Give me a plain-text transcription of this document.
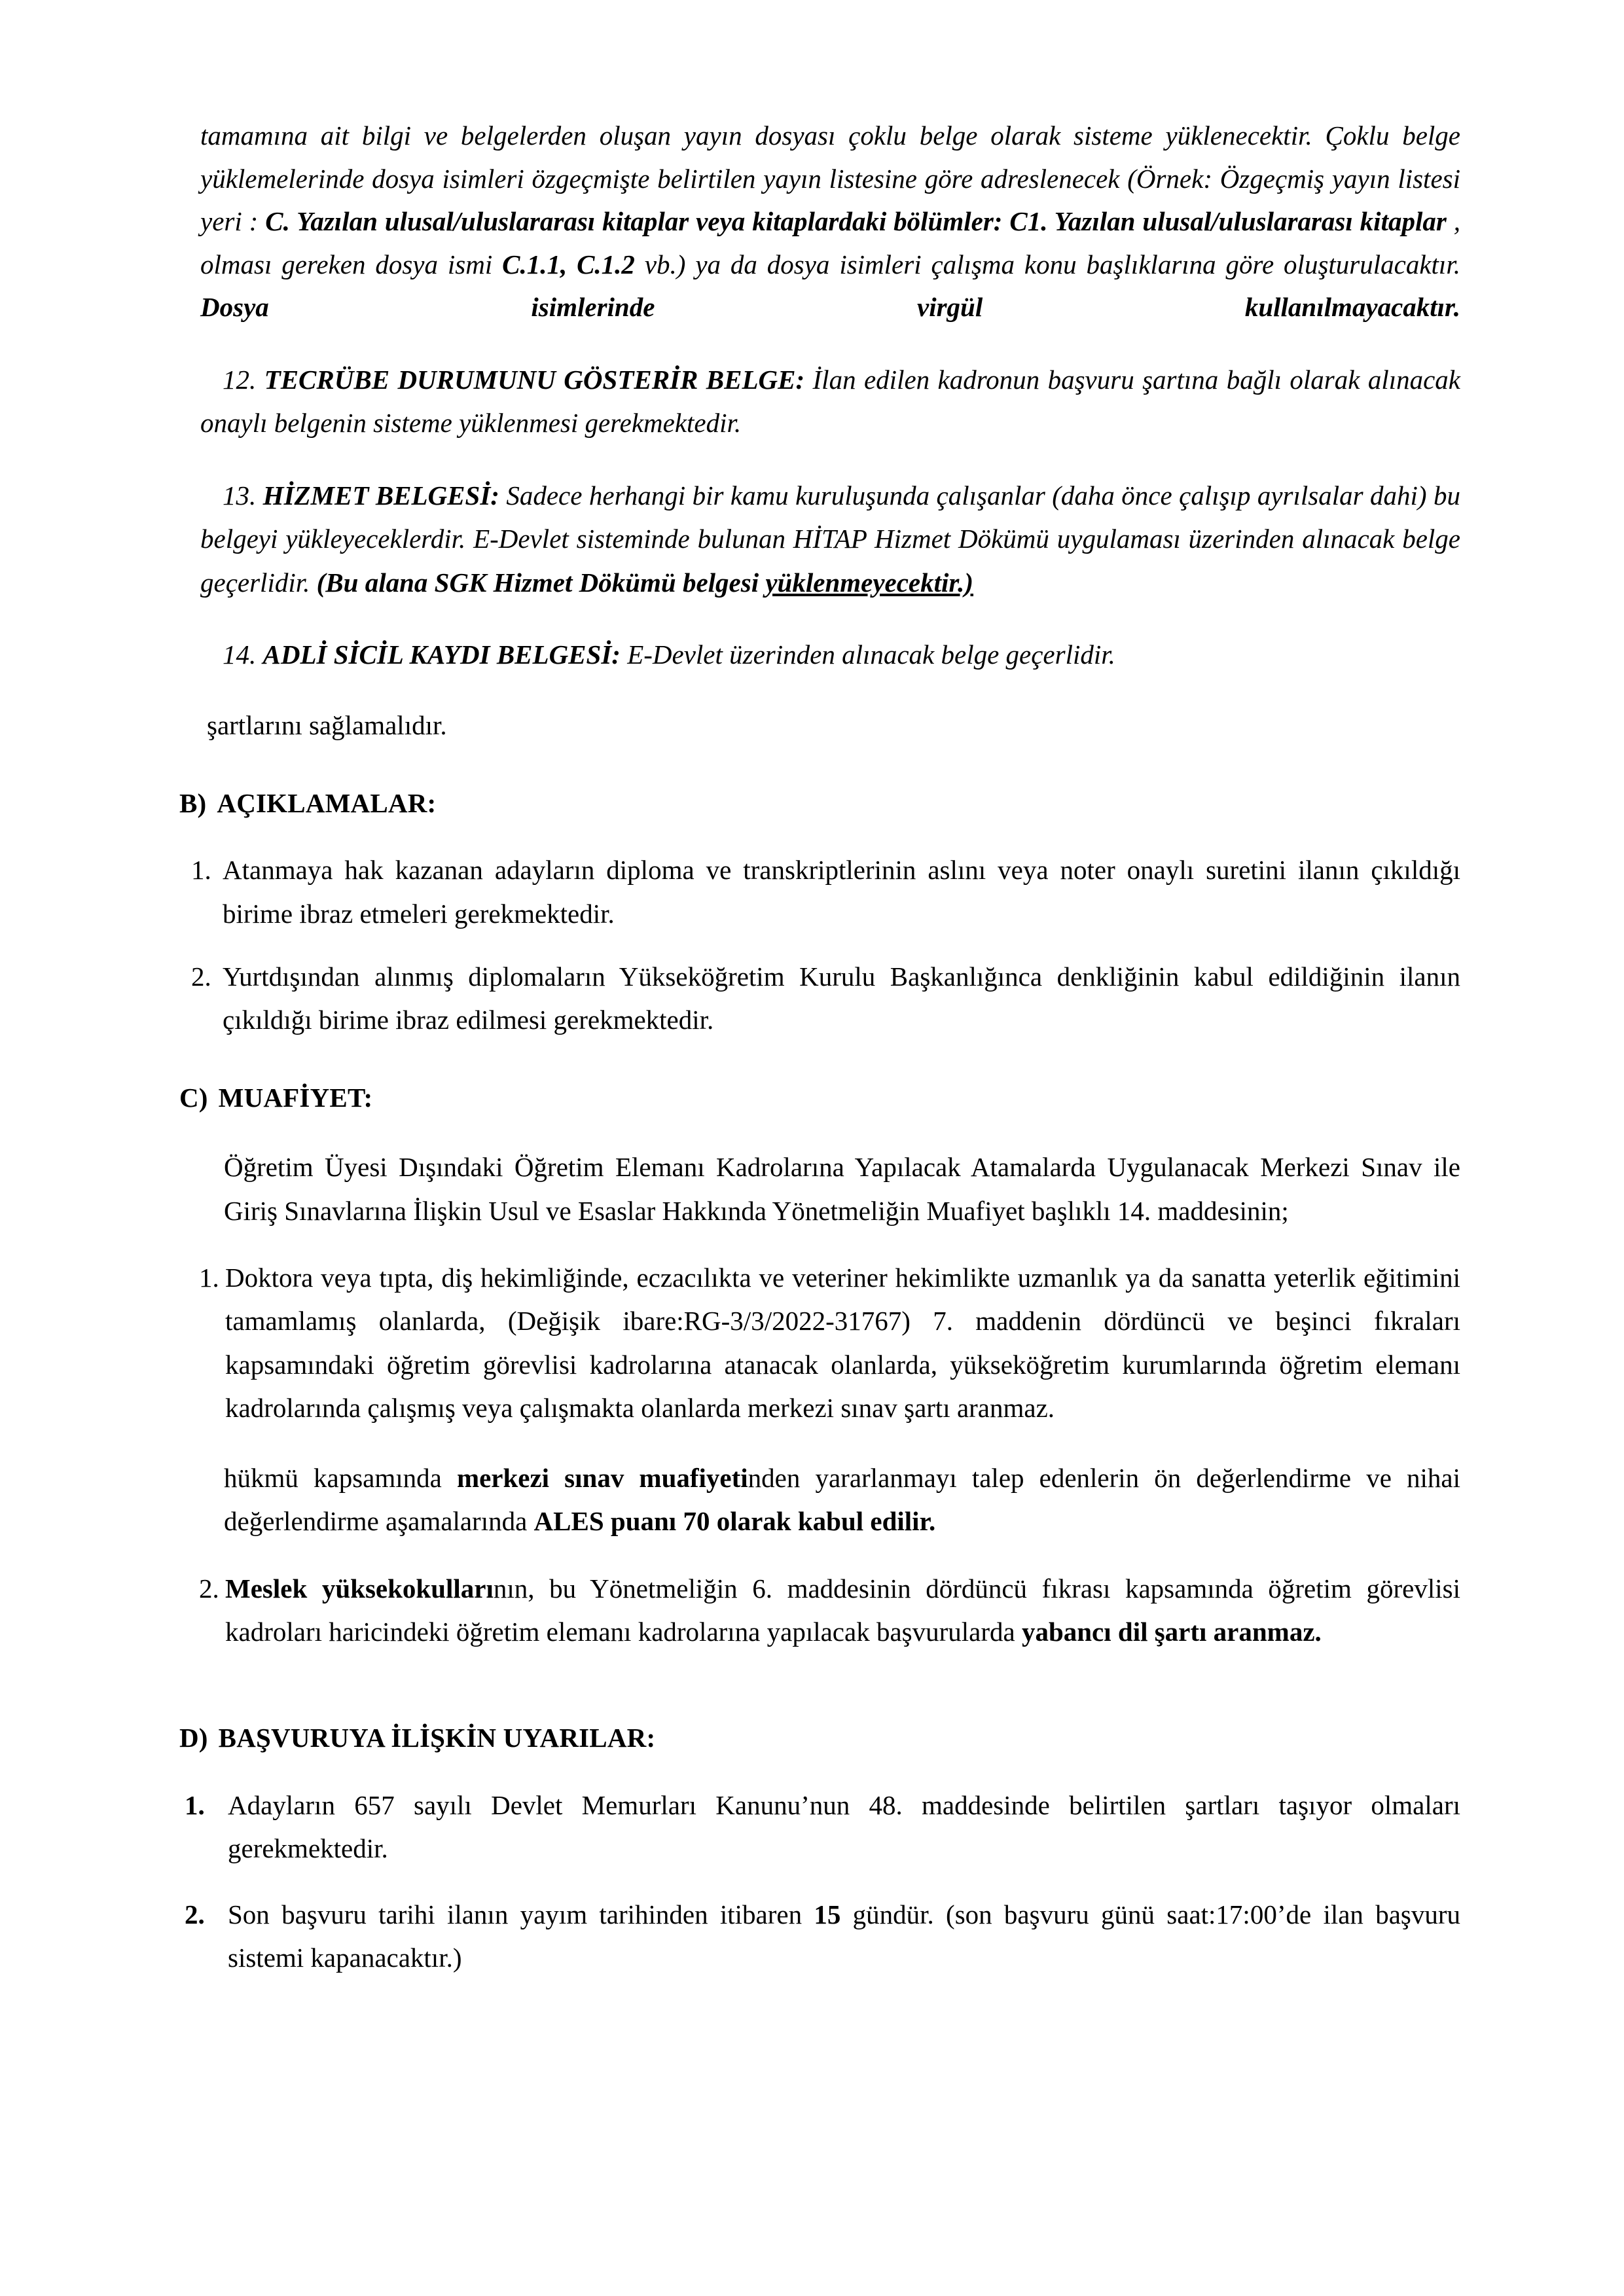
tamamına ait bilgi ve belgelerden oluşan yayın dosyası çoklu belge olarak sisteme yüklenecektir. Çoklu belge yüklemelerinde dosya isimleri özgeçmişte belirtilen yayın listesine göre adreslenecek (Örnek: Özgeçmiş yayın listesi yeri : C. Yazılan ulusal/uluslararası kitaplar veya kitaplardaki bölümler: C1. Yazılan ulusal/uluslararası kitaplar , olması gereken dosya ismi C.1.1, C.1.2 vb.) ya da dosya isimleri çalışma konu başlıklarına göre oluşturulacaktır. Dosya isimlerinde virgül kullanılmayacaktır.

12. TECRÜBE DURUMUNU GÖSTERİR BELGE: İlan edilen kadronun başvuru şartına bağlı olarak alınacak onaylı belgenin sisteme yüklenmesi gerekmektedir.

13. HİZMET BELGESİ: Sadece herhangi bir kamu kuruluşunda çalışanlar (daha önce çalışıp ayrılsalar dahi) bu belgeyi yükleyeceklerdir. E-Devlet sisteminde bulunan HİTAP Hizmet Dökümü uygulaması üzerinden alınacak belge geçerlidir. (Bu alana SGK Hizmet Dökümü belgesi yüklenmeyecektir.)

14. ADLİ SİCİL KAYDI BELGESİ: E-Devlet üzerinden alınacak belge geçerlidir.

şartlarını sağlamalıdır.

B) AÇIKLAMALAR:

1. Atanmaya hak kazanan adayların diploma ve transkriptlerinin aslını veya noter onaylı suretini ilanın çıkıldığı birime ibraz etmeleri gerekmektedir.
2. Yurtdışından alınmış diplomaların Yükseköğretim Kurulu Başkanlığınca denkliğinin kabul edildiğinin ilanın çıkıldığı birime ibraz edilmesi gerekmektedir.

C) MUAFİYET:

Öğretim Üyesi Dışındaki Öğretim Elemanı Kadrolarına Yapılacak Atamalarda Uygulanacak Merkezi Sınav ile Giriş Sınavlarına İlişkin Usul ve Esaslar Hakkında Yönetmeliğin Muafiyet başlıklı 14. maddesinin;

1. Doktora veya tıpta, diş hekimliğinde, eczacılıkta ve veteriner hekimlikte uzmanlık ya da sanatta yeterlik eğitimini tamamlamış olanlarda, (Değişik ibare:RG-3/3/2022-31767) 7. maddenin dördüncü ve beşinci fıkraları kapsamındaki öğretim görevlisi kadrolarına atanacak olanlarda, yükseköğretim kurumlarında öğretim elemanı kadrolarında çalışmış veya çalışmakta olanlarda merkezi sınav şartı aranmaz.

hükmü kapsamında merkezi sınav muafiyetinden yararlanmayı talep edenlerin ön değerlendirme ve nihai değerlendirme aşamalarında ALES puanı 70 olarak kabul edilir.

2. Meslek yüksekokullarının, bu Yönetmeliğin 6. maddesinin dördüncü fıkrası kapsamında öğretim görevlisi kadroları haricindeki öğretim elemanı kadrolarına yapılacak başvurularda yabancı dil şartı aranmaz.

D) BAŞVURUYA İLİŞKİN UYARILAR:

1. Adayların 657 sayılı Devlet Memurları Kanunu’nun 48. maddesinde belirtilen şartları taşıyor olmaları gerekmektedir.
2. Son başvuru tarihi ilanın yayım tarihinden itibaren 15 gündür. (son başvuru günü saat:17:00’de ilan başvuru sistemi kapanacaktır.)
